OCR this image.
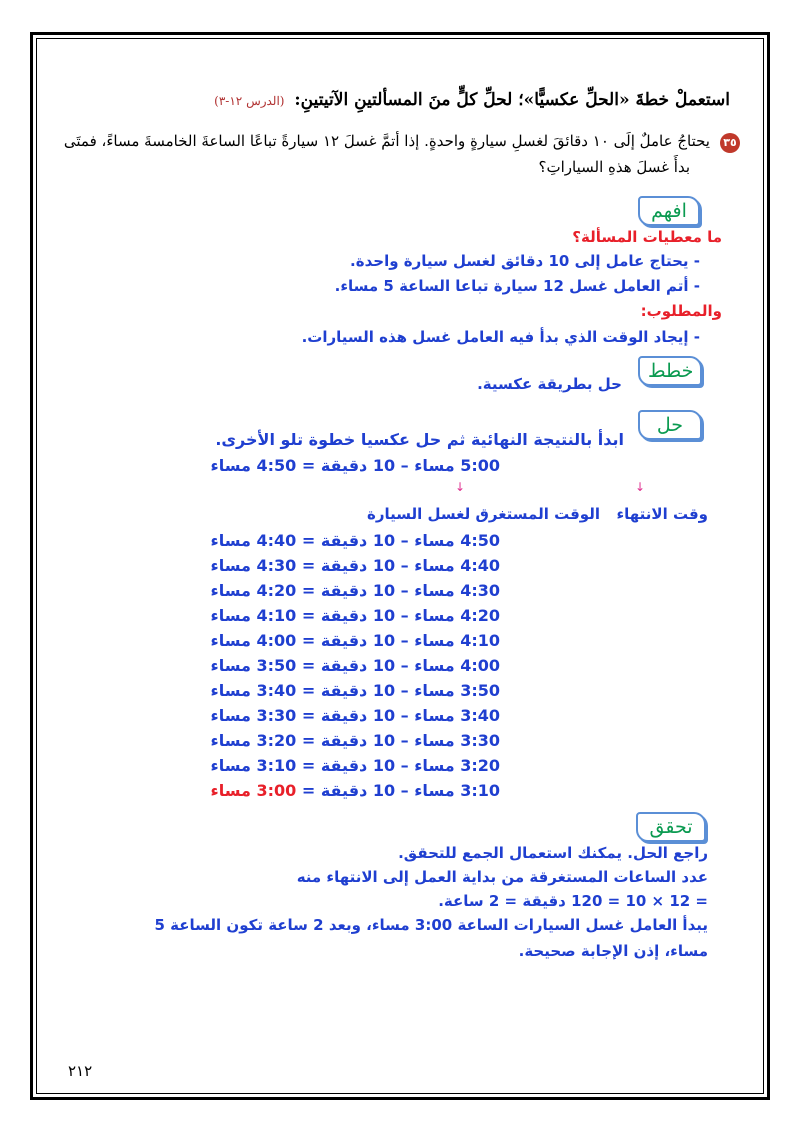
استعملْ خطةَ «الحلِّ عكسيًّا»؛ لحلِّ كلٍّ منَ المسألتينِ الآتيتينِ: (الدرس ١٢-٣)
٣٥
يحتاجُ عاملٌ إلَى ١٠ دقائقَ لغسلِ سيارةٍ واحدةٍ. إذا أتمَّ غسلَ ١٢ سيارةً تباعًا الساعةَ الخامسةَ مساءً، فمتَى
بدأَ غسلَ هذهِ السياراتِ؟
افهم
ما معطيات المسألة؟
- يحتاج عامل إلى 10 دقائق لغسل سيارة واحدة.
- أتم العامل غسل 12 سيارة تباعا الساعة 5 مساء.
والمطلوب:
- إيجاد الوقت الذي بدأ فيه العامل غسل هذه السيارات.
خطط
حل بطريقة عكسية.
حل
ابدأ بالنتيجة النهائية ثم حل عكسيا خطوة تلو الأخرى.
5:00 مساء – 10 دقيقة = 4:50 مساء
↓
↓
وقت الانتهاء
الوقت المستغرق لغسل السيارة
4:50 مساء – 10 دقيقة = 4:40 مساء
4:40 مساء – 10 دقيقة = 4:30 مساء
4:30 مساء – 10 دقيقة = 4:20 مساء
4:20 مساء – 10 دقيقة = 4:10 مساء
4:10 مساء – 10 دقيقة = 4:00 مساء
4:00 مساء – 10 دقيقة = 3:50 مساء
3:50 مساء – 10 دقيقة = 3:40 مساء
3:40 مساء – 10 دقيقة = 3:30 مساء
3:30 مساء – 10 دقيقة = 3:20 مساء
3:20 مساء – 10 دقيقة = 3:10 مساء
3:10 مساء – 10 دقيقة = 3:00 مساء
تحقق
راجع الحل. يمكنك استعمال الجمع للتحقق.
عدد الساعات المستغرقة من بداية العمل إلى الانتهاء منه
= 12 × 10 = 120 دقيقة = 2 ساعة.
يبدأ العامل غسل السيارات الساعة 3:00 مساء، وبعد 2 ساعة تكون الساعة 5
مساء، إذن الإجابة صحيحة.
٢١٢
